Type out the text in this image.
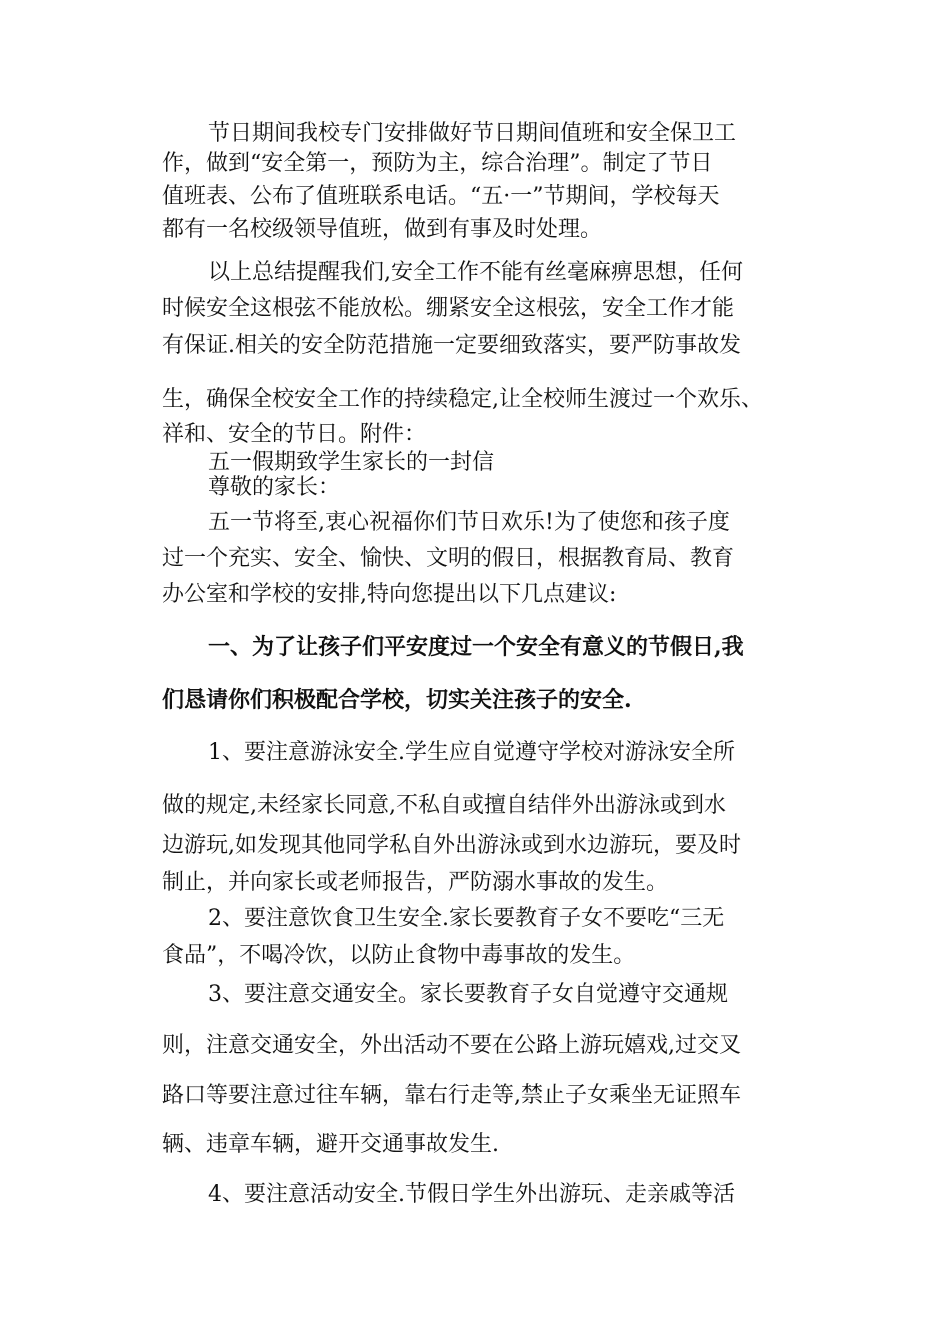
节日期间我校专门安排做好节日期间值班和安全保卫工
作，做到“安全第一，预防为主，综合治理”。制定了节日
值班表、公布了值班联系电话。“五·一”节期间，学校每天
都有一名校级领导值班，做到有事及时处理。
以上总结提醒我们,安全工作不能有丝毫麻痹思想，任何
时候安全这根弦不能放松。绷紧安全这根弦，安全工作才能
有保证.相关的安全防范措施一定要细致落实，要严防事故发
生，确保全校安全工作的持续稳定,让全校师生渡过一个欢乐、
祥和、安全的节日。附件：
五一假期致学生家长的一封信
尊敬的家长：
五一节将至,衷心祝福你们节日欢乐!为了使您和孩子度
过一个充实、安全、愉快、文明的假日，根据教育局、教育
办公室和学校的安排,特向您提出以下几点建议:
一、为了让孩子们平安度过一个安全有意义的节假日,我
们恳请你们积极配合学校，切实关注孩子的安全.
1、要注意游泳安全.学生应自觉遵守学校对游泳安全所
做的规定,未经家长同意,不私自或擅自结伴外出游泳或到水
边游玩,如发现其他同学私自外出游泳或到水边游玩，要及时
制止，并向家长或老师报告，严防溺水事故的发生。
2、要注意饮食卫生安全.家长要教育子女不要吃“三无
食品”，不喝冷饮，以防止食物中毒事故的发生。
3、要注意交通安全。家长要教育子女自觉遵守交通规
则，注意交通安全，外出活动不要在公路上游玩嬉戏,过交叉
路口等要注意过往车辆，靠右行走等,禁止子女乘坐无证照车
辆、违章车辆，避开交通事故发生.
4、要注意活动安全.节假日学生外出游玩、走亲戚等活
